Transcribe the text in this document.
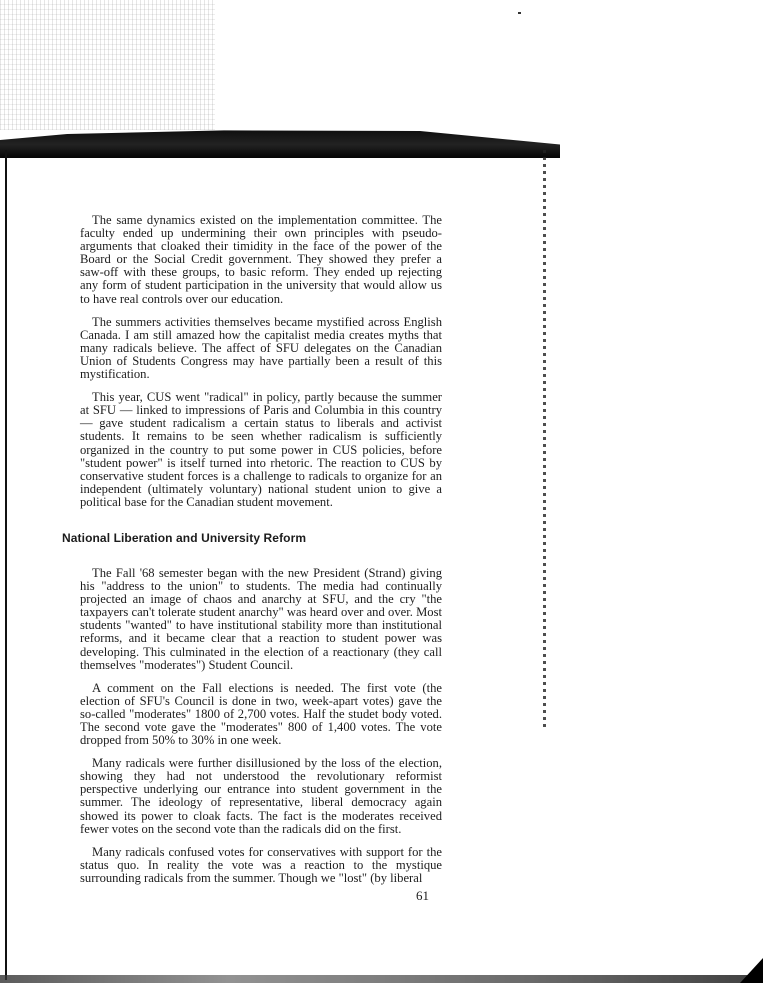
The same dynamics existed on the implementation committee. The faculty ended up undermining their own principles with pseudo-arguments that cloaked their timidity in the face of the power of the Board or the Social Credit government. They showed they prefer a saw-off with these groups, to basic reform. They ended up rejecting any form of student participation in the university that would allow us to have real controls over our education.

The summers activities themselves became mystified across English Canada. I am still amazed how the capitalist media creates myths that many radicals believe. The affect of SFU delegates on the Canadian Union of Students Congress may have partially been a result of this mystification.

This year, CUS went "radical" in policy, partly because the summer at SFU — linked to impressions of Paris and Columbia in this country — gave student radicalism a certain status to liberals and activist students. It remains to be seen whether radicalism is sufficiently organized in the country to put some power in CUS policies, before "student power" is itself turned into rhetoric. The reaction to CUS by conservative student forces is a challenge to radicals to organize for an independent (ultimately voluntary) national student union to give a political base for the Canadian student movement.

National Liberation and University Reform

The Fall '68 semester began with the new President (Strand) giving his "address to the union" to students. The media had continually projected an image of chaos and anarchy at SFU, and the cry "the taxpayers can't tolerate student anarchy" was heard over and over. Most students "wanted" to have institutional stability more than institutional reforms, and it became clear that a reaction to student power was developing. This culminated in the election of a reactionary (they call themselves "moderates") Student Council.

A comment on the Fall elections is needed. The first vote (the election of SFU's Council is done in two, week-apart votes) gave the so-called "moderates" 1800 of 2,700 votes. Half the studet body voted. The second vote gave the "moderates" 800 of 1,400 votes. The vote dropped from 50% to 30% in one week.

Many radicals were further disillusioned by the loss of the election, showing they had not understood the revolutionary reformist perspective underlying our entrance into student government in the summer. The ideology of representative, liberal democracy again showed its power to cloak facts. The fact is the moderates received fewer votes on the second vote than the radicals did on the first.

Many radicals confused votes for conservatives with support for the status quo. In reality the vote was a reaction to the mystique surrounding radicals from the summer. Though we "lost" (by liberal

61
